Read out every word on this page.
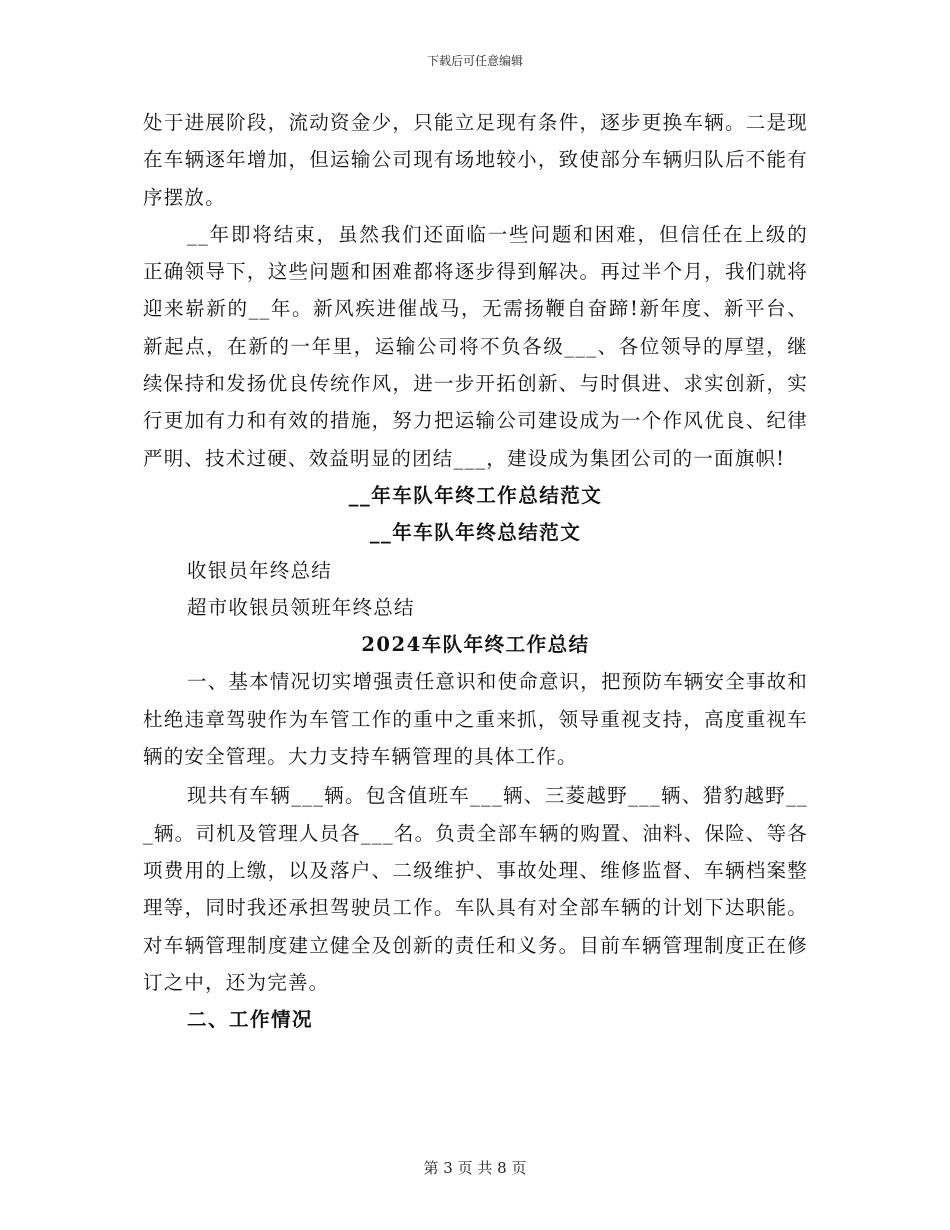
下载后可任意编辑

处于进展阶段，流动资金少，只能立足现有条件，逐步更换车辆。二是现在车辆逐年增加，但运输公司现有场地较小，致使部分车辆归队后不能有序摆放。

__年即将结束，虽然我们还面临一些问题和困难，但信任在上级的正确领导下，这些问题和困难都将逐步得到解决。再过半个月，我们就将迎来崭新的__年。新风疾进催战马，无需扬鞭自奋蹄!新年度、新平台、新起点，在新的一年里，运输公司将不负各级___、各位领导的厚望，继续保持和发扬优良传统作风，进一步开拓创新、与时俱进、求实创新，实行更加有力和有效的措施，努力把运输公司建设成为一个作风优良、纪律严明、技术过硬、效益明显的团结___，建设成为集团公司的一面旗帜!

__年车队年终工作总结范文

__年车队年终总结范文

收银员年终总结

超市收银员领班年终总结

2024车队年终工作总结

一、基本情况切实增强责任意识和使命意识，把预防车辆安全事故和杜绝违章驾驶作为车管工作的重中之重来抓，领导重视支持，高度重视车辆的安全管理。大力支持车辆管理的具体工作。

现共有车辆___辆。包含值班车___辆、三菱越野___辆、猎豹越野___辆。司机及管理人员各___名。负责全部车辆的购置、油料、保险、等各项费用的上缴，以及落户、二级维护、事故处理、维修监督、车辆档案整理等，同时我还承担驾驶员工作。车队具有对全部车辆的计划下达职能。对车辆管理制度建立健全及创新的责任和义务。目前车辆管理制度正在修订之中，还为完善。

二、工作情况

第 3 页 共 8 页
